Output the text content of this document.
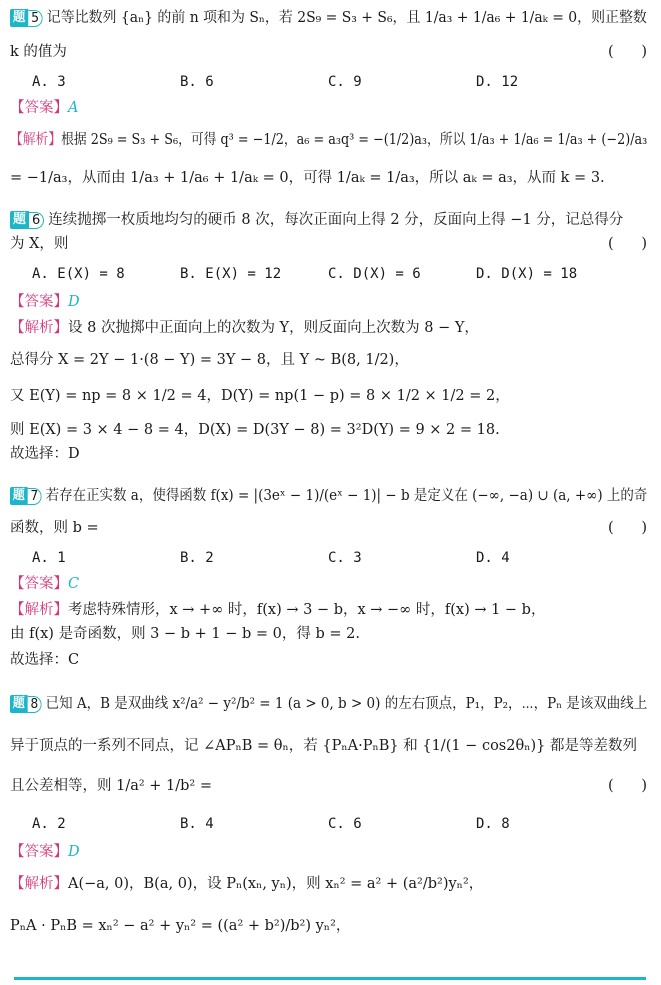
题 5 记等比数列 {aₙ} 的前 n 项和为 Sₙ，若 2S₉ = S₃ + S₆，且 1/a₃ + 1/a₆ + 1/aₖ = 0，则正整数
k 的值为	(      )
A. 3	B. 6	C. 9	D. 12
【答案】A
【解析】根据 2S₉ = S₃ + S₆，可得 q³ = −1/2，a₆ = a₃q³ = −(1/2)a₃，所以 1/a₃ + 1/a₆ = 1/a₃ + (−2)/a₃
= −1/a₃，从而由 1/a₃ + 1/a₆ + 1/aₖ = 0，可得 1/aₖ = 1/a₃，所以 aₖ = a₃，从而 k = 3.
题 6 连续抛掷一枚质地均匀的硬币 8 次，每次正面向上得 2 分，反面向上得 −1 分，记总得分
为 X，则	(      )
A. E(X) = 8	B. E(X) = 12	C. D(X) = 6	D. D(X) = 18
【答案】D
【解析】设 8 次抛掷中正面向上的次数为 Y，则反面向上次数为 8 − Y，
总得分 X = 2Y − 1·(8 − Y) = 3Y − 8，且 Y ~ B(8, 1/2)，
又 E(Y) = np = 8 × 1/2 = 4，D(Y) = np(1 − p) = 8 × 1/2 × 1/2 = 2，
则 E(X) = 3 × 4 − 8 = 4，D(X) = D(3Y − 8) = 3²D(Y) = 9 × 2 = 18.
故选择：D
题 7 若存在正实数 a，使得函数 f(x) = |(3eˣ − 1)/(eˣ − 1)| − b 是定义在 (−∞, −a) ∪ (a, +∞) 上的奇
函数，则 b =	(      )
A. 1	B. 2	C. 3	D. 4
【答案】C
【解析】考虑特殊情形，x → +∞ 时，f(x) → 3 − b，x → −∞ 时，f(x) → 1 − b，
由 f(x) 是奇函数，则 3 − b + 1 − b = 0，得 b = 2.
故选择：C
题 8 已知 A，B 是双曲线 x²/a² − y²/b² = 1 (a > 0, b > 0) 的左右顶点，P₁，P₂，⋯，Pₙ 是该双曲线上
异于顶点的一系列不同点，记 ∠APₙB = θₙ，若 {PₙA·PₙB} 和 {1/(1 − cos2θₙ)} 都是等差数列
且公差相等，则 1/a² + 1/b² =	(      )
A. 2	B. 4	C. 6	D. 8
【答案】D
【解析】A(−a, 0)，B(a, 0)，设 Pₙ(xₙ, yₙ)，则 xₙ² = a² + (a²/b²)yₙ²，
PₙA · PₙB = xₙ² − a² + yₙ² = ((a² + b²)/b²) yₙ²，
